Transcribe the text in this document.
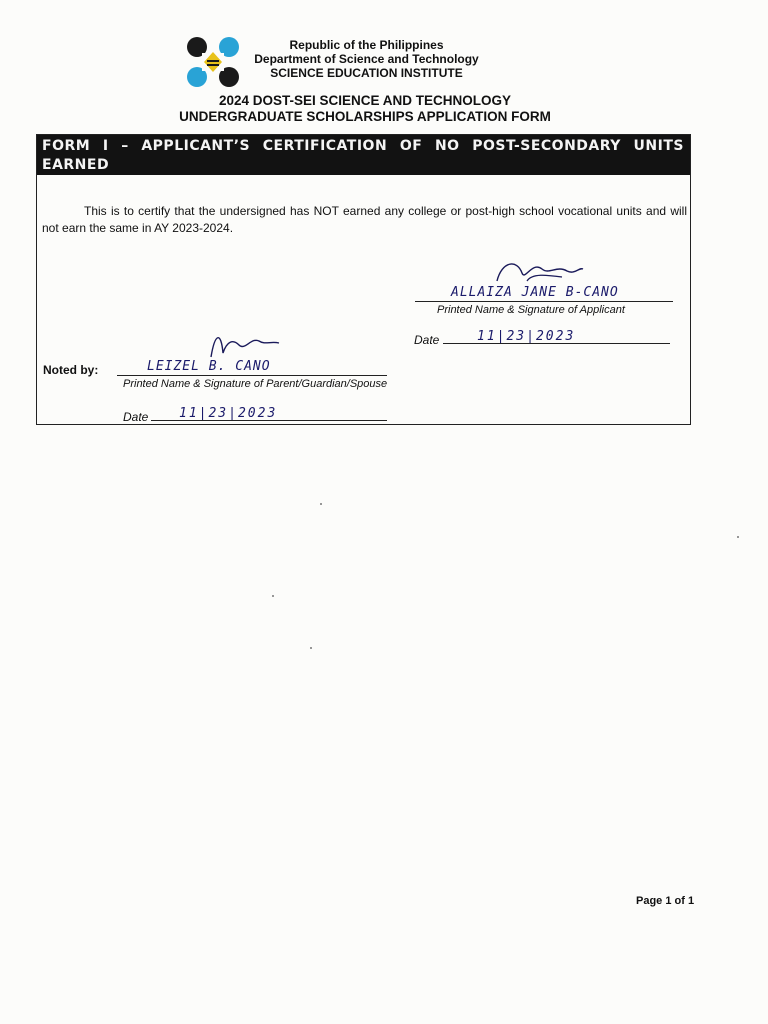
Republic of the Philippines
Department of Science and Technology
SCIENCE EDUCATION INSTITUTE
2024 DOST-SEI SCIENCE AND TECHNOLOGY
UNDERGRADUATE SCHOLARSHIPS APPLICATION FORM
FORM I – APPLICANT’S CERTIFICATION OF NO POST-SECONDARY UNITS EARNED
This is to certify that the undersigned has NOT earned any college or post-high school vocational units and will not earn the same in AY 2023-2024.
ALLAIZA JANE B-CANO
Printed Name & Signature of Applicant
Date	11|23|2023
Noted by:	LEIZEL B. CANO
Printed Name & Signature of Parent/Guardian/Spouse
Date 11|23|2023
Page 1 of 1
